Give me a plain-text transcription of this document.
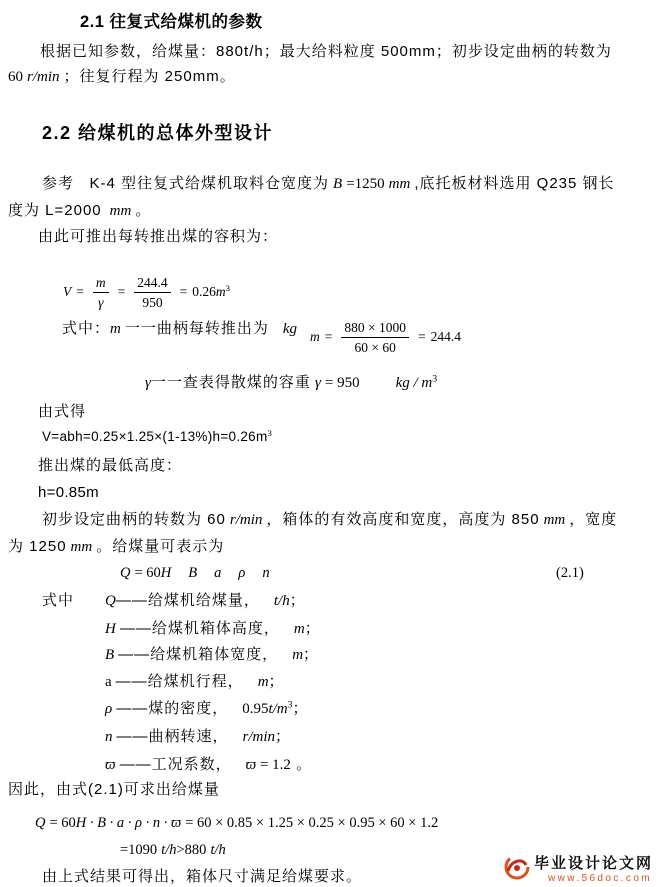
2.1 往复式给煤机的参数
根据已知参数，给煤量：880t/h；最大给料粒度 500mm；初步设定曲柄的转数为
60 r/min ；往复行程为 250mm。
2.2 给煤机的总体外型设计
参考   K-4 型往复式给煤机取料仓宽度为 B =1250 mm ,底托板材料选用 Q235 钢长
度为 L=2000 mm 。
由此可推出每转推出煤的容积为：
$V = \frac{m}{\gamma} = \frac{244.4}{950} = 0.26m^3$
式中：m 一一曲柄每转推出为 kg $m = \frac{880 \times 1000}{60 \times 60} = 244.4$
γ一一查表得散煤的容重 γ = 950 kg / $m^3$
由式得
$V=abh=0.25\times 1.25\times(1-13\%)h=0.26m^3$
推出煤的最低高度：
h=0.85m
初步设定曲柄的转数为 60 r/min ，箱体的有效高度和宽度，高度为 850 mm ，宽度
为 1250 mm 。给煤量可表示为
Q = 60H B a ρ n	(2.1)
式中 Q——给煤机给煤量， t/h；
H ——给煤机箱体高度， m；
B ——给煤机箱体宽度， m；
a ——给煤机行程， m；
ρ ——煤的密度， $0.95t/m^3$；
n ——曲柄转速， r/min；
ϖ ——工况系数， ϖ = 1.2 。
因此，由式(2.1)可求出给煤量
Q = 60H · B · a · ρ · n · ϖ = 60 × 0.85 × 1.25 × 0.25 × 0.95 × 60 × 1.2
=1090 t/h>880 t/h
由上式结果可得出，箱体尺寸满足给煤要求。
毕业设计论文网
www.56doc.com
